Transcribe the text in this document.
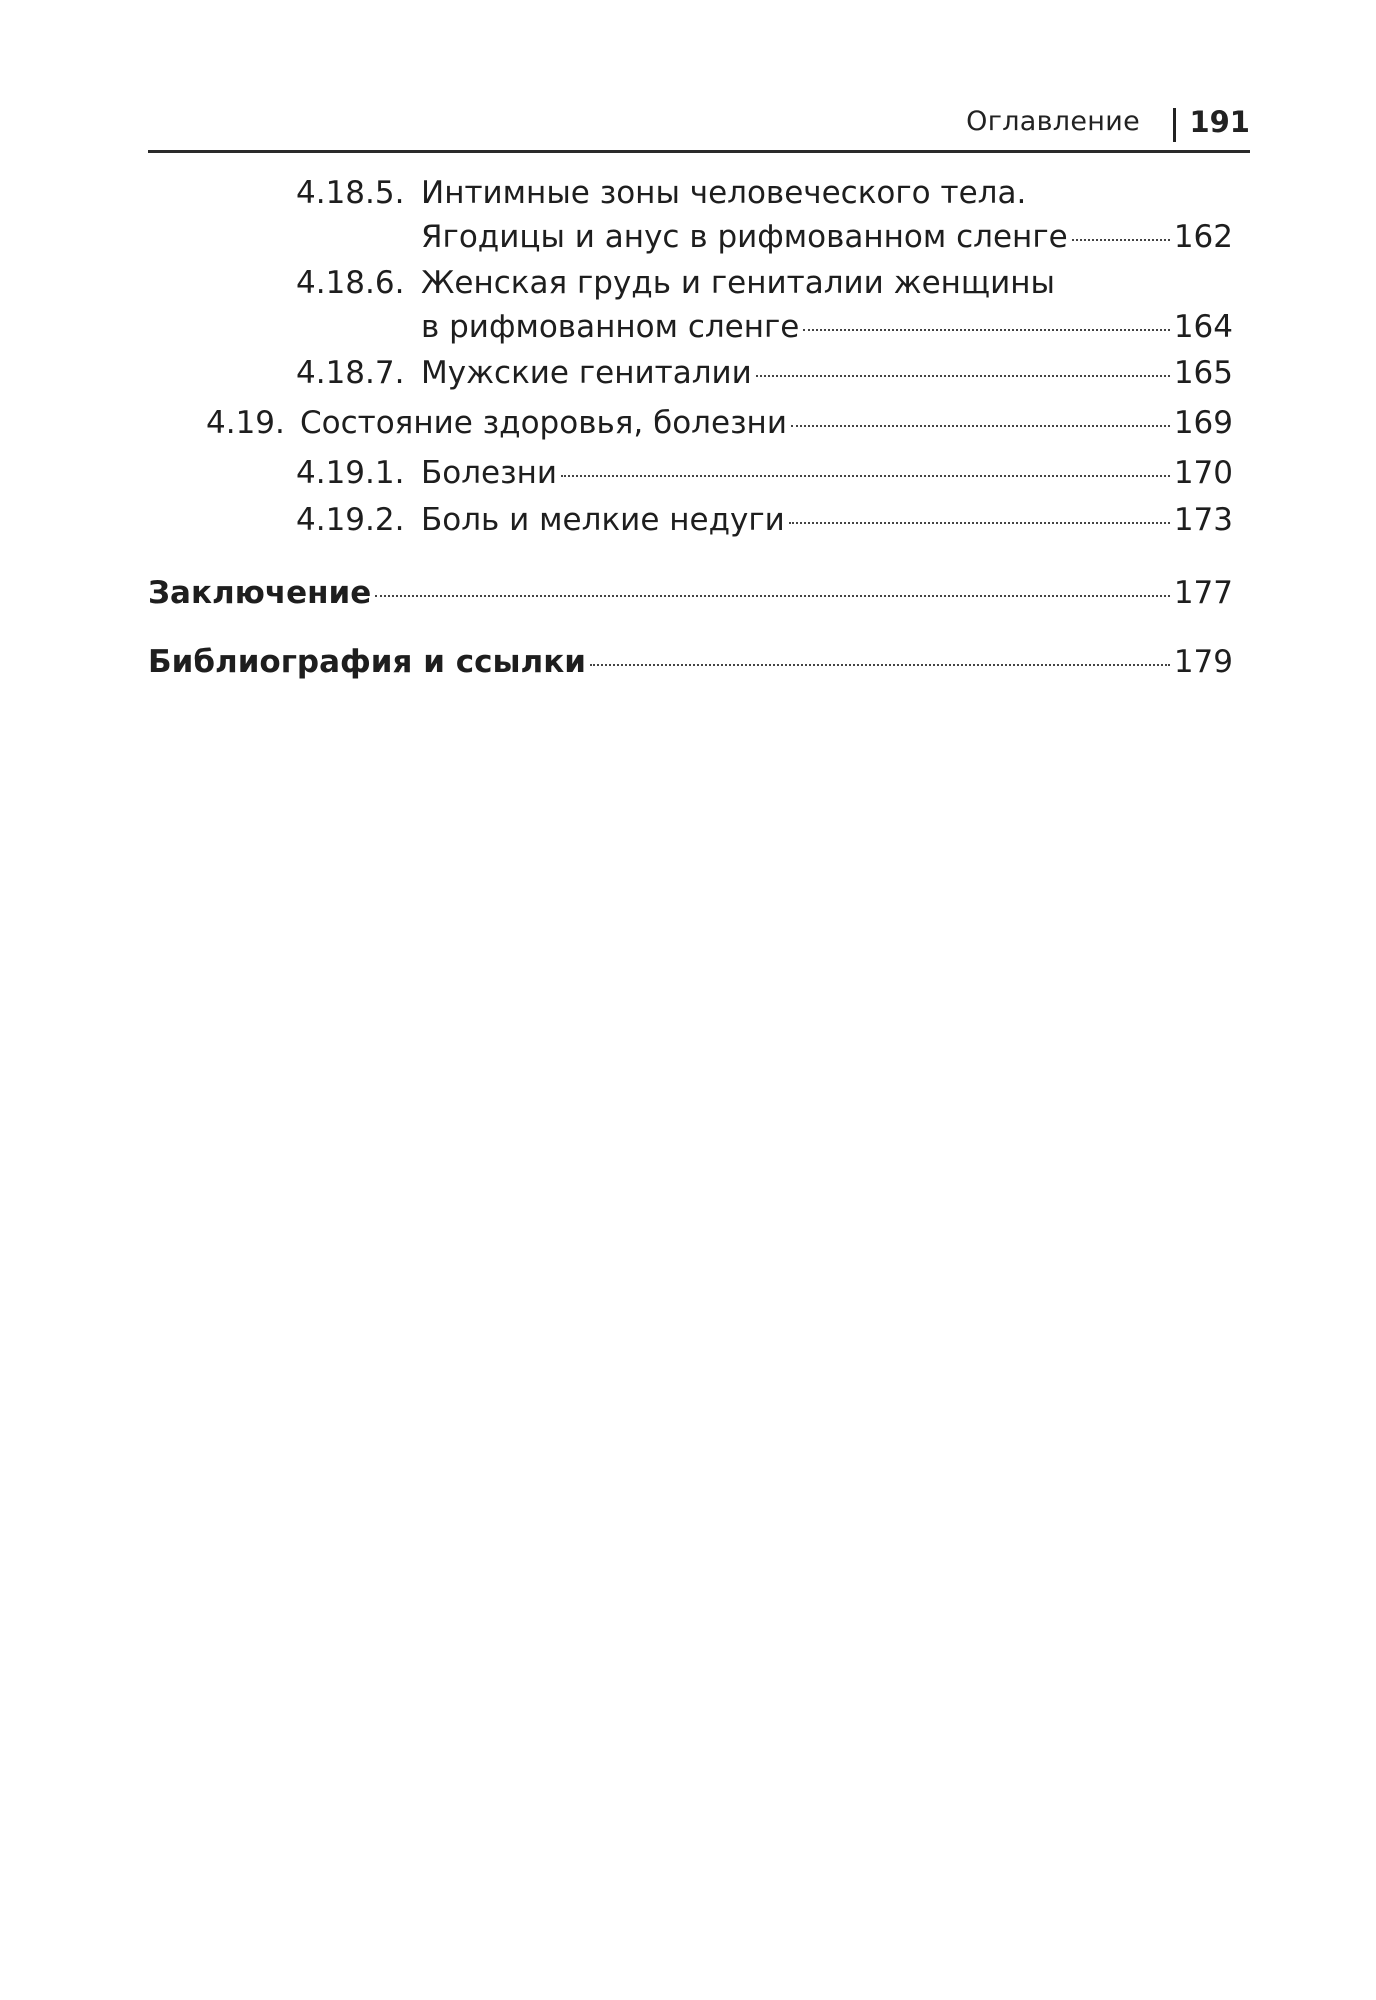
Оглавление 191
4.18.5. Интимные зоны человеческого тела.
Ягодицы и анус в рифмованном сленге	162
4.18.6. Женская грудь и гениталии женщины
в рифмованном сленге	164
4.18.7. Мужские гениталии	165
4.19. Состояние здоровья, болезни	169
4.19.1. Болезни	170
4.19.2. Боль и мелкие недуги	173
Заключение	177
Библиография и ссылки	179
